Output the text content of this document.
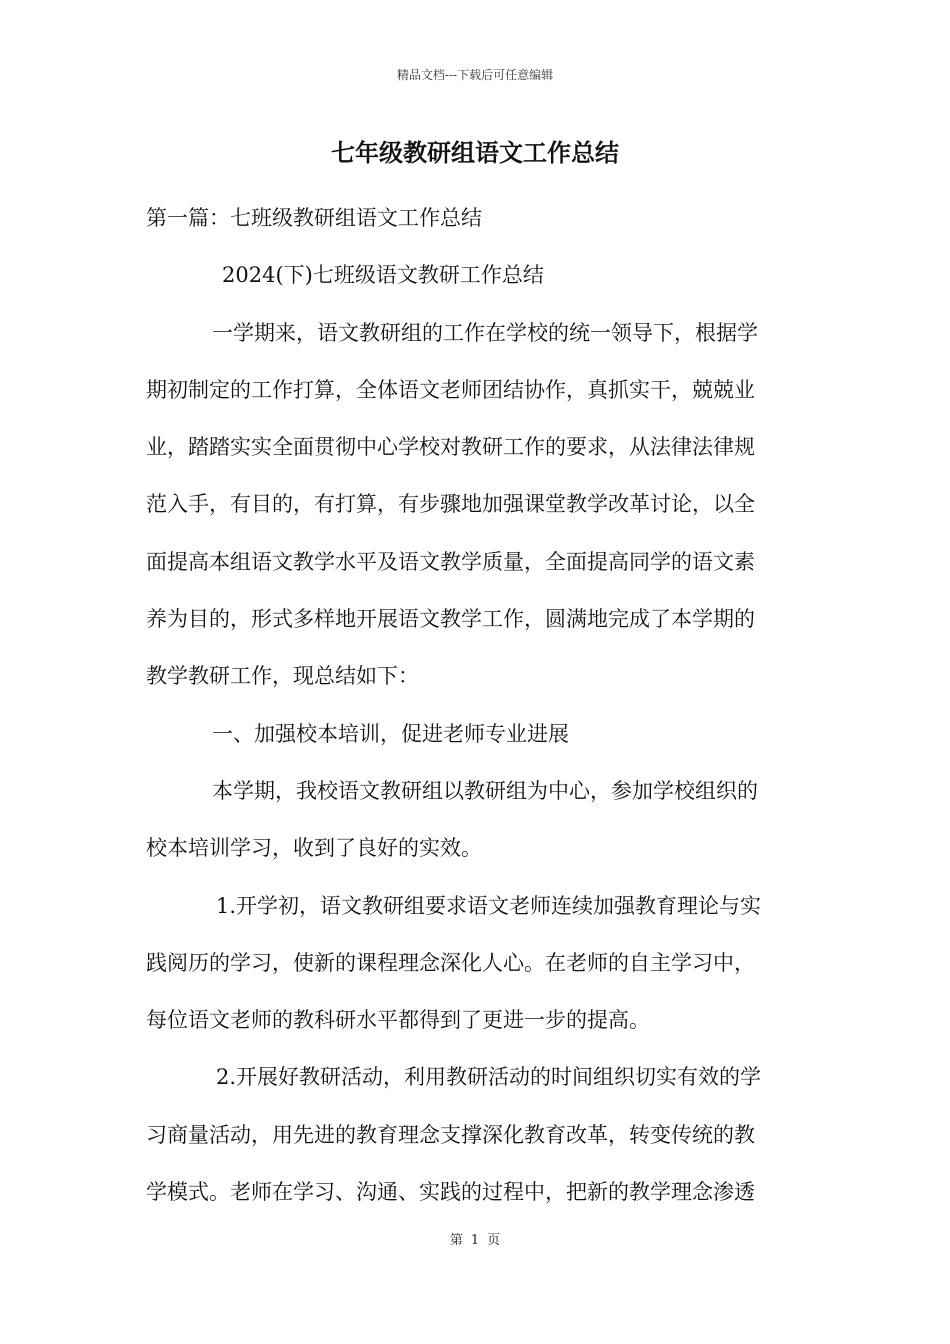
精品文档---下载后可任意编辑
七年级教研组语文工作总结
第一篇：七班级教研组语文工作总结
2024(下)七班级语文教研工作总结
一学期来，语文教研组的工作在学校的统一领导下，根据学
期初制定的工作打算，全体语文老师团结协作，真抓实干，兢兢业
业，踏踏实实全面贯彻中心学校对教研工作的要求，从法律法律规
范入手，有目的，有打算，有步骤地加强课堂教学改革讨论，以全
面提高本组语文教学水平及语文教学质量，全面提高同学的语文素
养为目的，形式多样地开展语文教学工作，圆满地完成了本学期的
教学教研工作，现总结如下：
一、加强校本培训，促进老师专业进展
本学期，我校语文教研组以教研组为中心，参加学校组织的
校本培训学习，收到了良好的实效。
1.开学初，语文教研组要求语文老师连续加强教育理论与实
践阅历的学习，使新的课程理念深化人心。在老师的自主学习中，
每位语文老师的教科研水平都得到了更进一步的提高。
2.开展好教研活动，利用教研活动的时间组织切实有效的学
习商量活动，用先进的教育理念支撑深化教育改革，转变传统的教
学模式。老师在学习、沟通、实践的过程中，把新的教学理念渗透
第 1 页
